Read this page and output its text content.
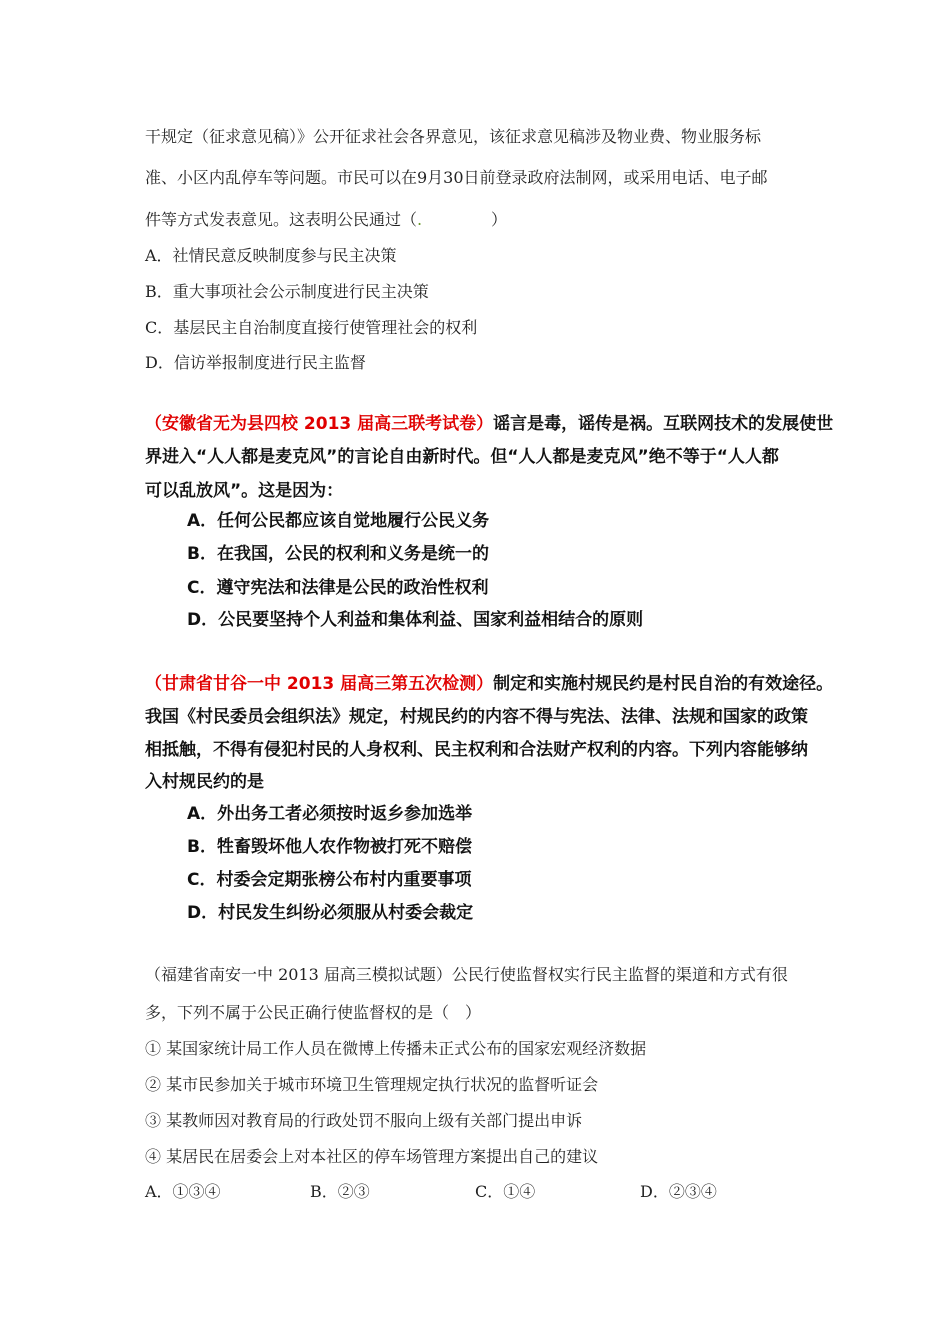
干规定（征求意见稿）》公开征求社会各界意见，该征求意见稿涉及物业费、物业服务标
准、小区内乱停车等问题。市民可以在9月30日前登录政府法制网，或采用电话、电子邮
件等方式发表意见。这表明公民通过（.	）
A．社情民意反映制度参与民主决策
B．重大事项社会公示制度进行民主决策
C．基层民主自治制度直接行使管理社会的权利
D．信访举报制度进行民主监督
（安徽省无为县四校 2013 届高三联考试卷）谣言是毒，谣传是祸。互联网技术的发展使世
界进入“人人都是麦克风”的言论自由新时代。但“人人都是麦克风”绝不等于“人人都
可以乱放风”。这是因为：
A．任何公民都应该自觉地履行公民义务
B．在我国，公民的权利和义务是统一的
C．遵守宪法和法律是公民的政治性权利
D．公民要坚持个人利益和集体利益、国家利益相结合的原则
（甘肃省甘谷一中 2013 届高三第五次检测）制定和实施村规民约是村民自治的有效途径。
我国《村民委员会组织法》规定，村规民约的内容不得与宪法、法律、法规和国家的政策
相抵触，不得有侵犯村民的人身权利、民主权利和合法财产权利的内容。下列内容能够纳
入村规民约的是
A．外出务工者必须按时返乡参加选举
B．牲畜毁坏他人农作物被打死不赔偿
C．村委会定期张榜公布村内重要事项
D．村民发生纠纷必须服从村委会裁定
（福建省南安一中 2013 届高三模拟试题）公民行使监督权实行民主监督的渠道和方式有很
多，下列不属于公民正确行使监督权的是（　）
① 某国家统计局工作人员在微博上传播未正式公布的国家宏观经济数据
② 某市民参加关于城市环境卫生管理规定执行状况的监督听证会
③ 某教师因对教育局的行政处罚不服向上级有关部门提出申诉
④ 某居民在居委会上对本社区的停车场管理方案提出自己的建议
A．①③④	B．②③	C．①④	D．②③④
